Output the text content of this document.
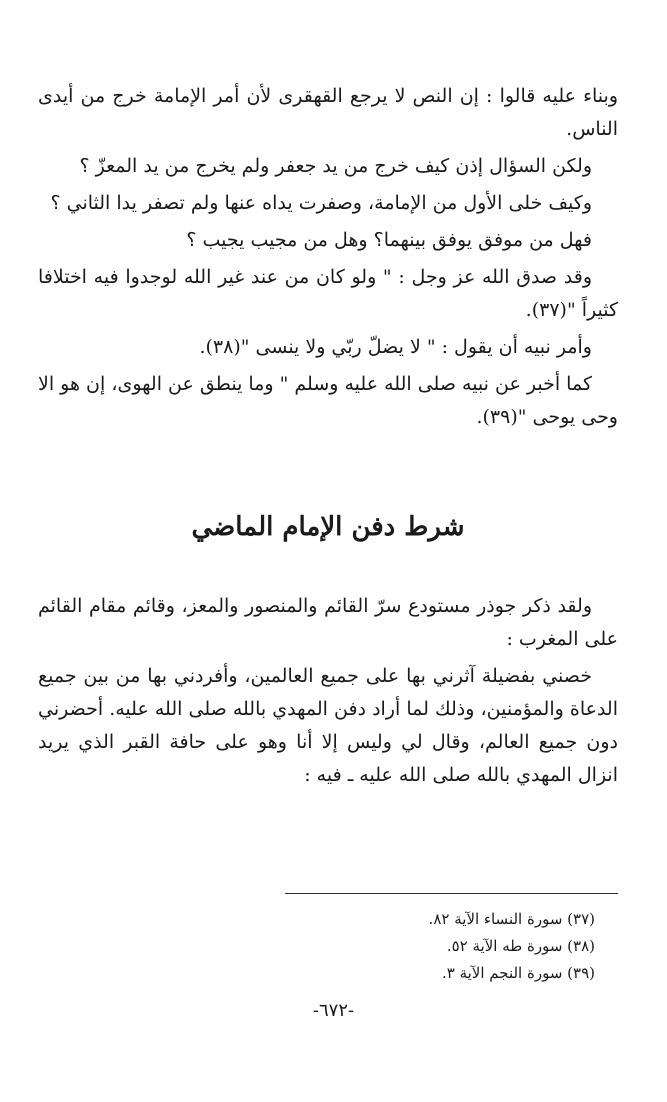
وبناء عليه قالوا : إن النص لا يرجع القهقرى لأن أمر الإمامة خرج من أيدى الناس.

ولكن السؤال إذن كيف خرج من يد جعفر ولم يخرج من يد المعزّ ؟

وكيف خلى الأول من الإمامة، وصفرت يداه عنها ولم تصفر يدا الثاني ؟

فهل من موفق يوفق بينهما؟ وهل من مجيب يجيب ؟

وقد صدق الله عز وجل : " ولو كان من عند غير الله لوجدوا فيه اختلافا كثيراً "(٣٧).

وأمر نبيه أن يقول : " لا يضلّ ربّي ولا ينسى "(٣٨).

كما أخبر عن نبيه صلى الله عليه وسلم " وما ينطق عن الهوى، إن هو الا وحى يوحى "(٣٩).

شرط دفن الإمام الماضي

ولقد ذكر جوذر مستودع سرّ القائم والمنصور والمعز، وقائم مقام القائم على المغرب :

خصني بفضيلة آثرني بها على جميع العالمين، وأفردني بها من بين جميع الدعاة والمؤمنين، وذلك لما أراد دفن المهدي بالله صلى الله عليه. أحضرني دون جميع العالم، وقال لي وليس إلا أنا وهو على حافة القبر الذي يريد انزال المهدي بالله صلى الله عليه ـ فيه :

(٣٧) سورة النساء الآية ٨٢.
(٣٨) سورة طه الآية ٥٢.
(٣٩) سورة النجم الآية ٣.
-٦٧٢-
